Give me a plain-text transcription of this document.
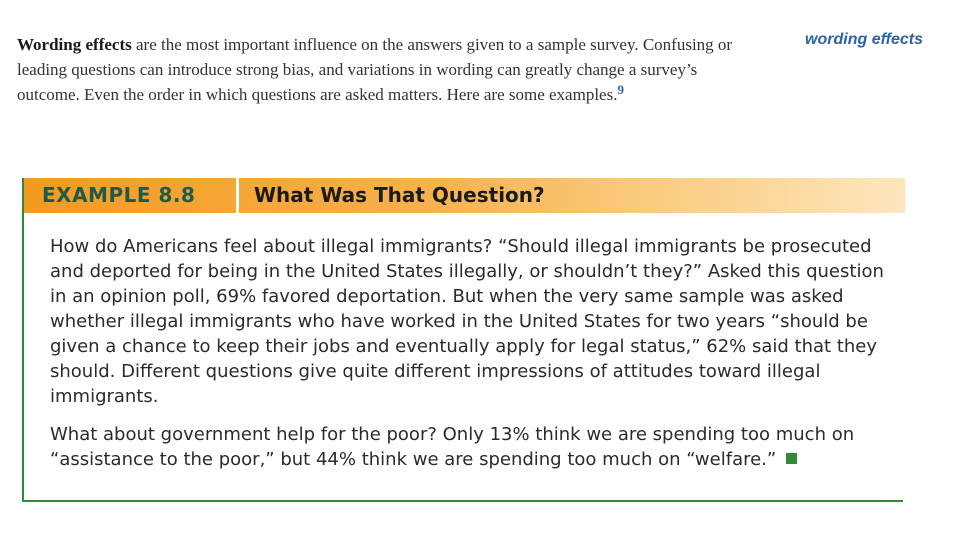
Wording effects are the most important influence on the answers given to a sample survey. Confusing or leading questions can introduce strong bias, and variations in wording can greatly change a survey’s outcome. Even the order in which questions are asked matters. Here are some examples.$^9$

wording effects
EXAMPLE 8.8	What Was That Question?

How do Americans feel about illegal immigrants? “Should illegal immigrants be prosecuted and deported for being in the United States illegally, or shouldn’t they?” Asked this question in an opinion poll, 69% favored deportation. But when the very same sample was asked whether illegal immigrants who have worked in the United States for two years “should be given a chance to keep their jobs and eventually apply for legal status,” 62% said that they should. Different questions give quite different impressions of attitudes toward illegal immigrants.

What about government help for the poor? Only 13% think we are spending too much on “assistance to the poor,” but 44% think we are spending too much on “welfare.”
